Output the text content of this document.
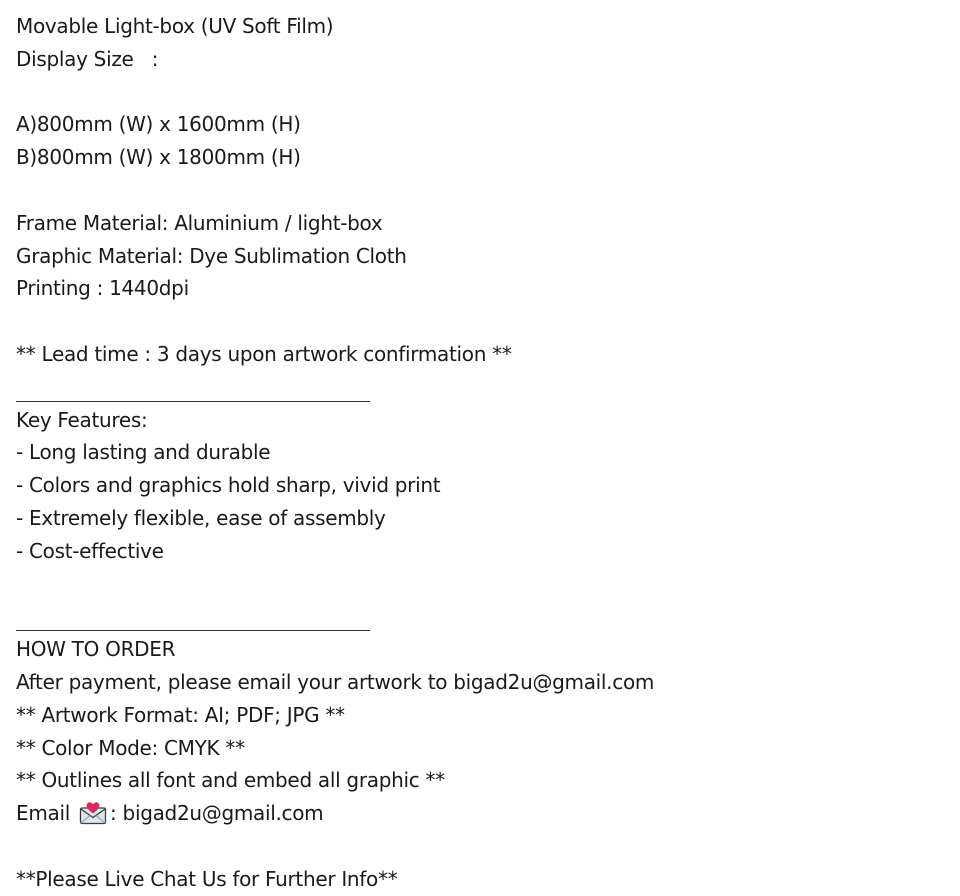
Movable Light-box (UV Soft Film)
Display Size   :
A)800mm (W) x 1600mm (H)
B)800mm (W) x 1800mm (H)
Frame Material: Aluminium / light-box
Graphic Material: Dye Sublimation Cloth
Printing : 1440dpi
** Lead time : 3 days upon artwork confirmation **
Key Features:
- Long lasting and durable
- Colors and graphics hold sharp, vivid print
- Extremely flexible, ease of assembly
- Cost-effective
HOW TO ORDER
After payment, please email your artwork to bigad2u@gmail.com
** Artwork Format: AI; PDF; JPG **
** Color Mode: CMYK **
** Outlines all font and embed all graphic **
Email : bigad2u@gmail.com
**Please Live Chat Us for Further Info**
